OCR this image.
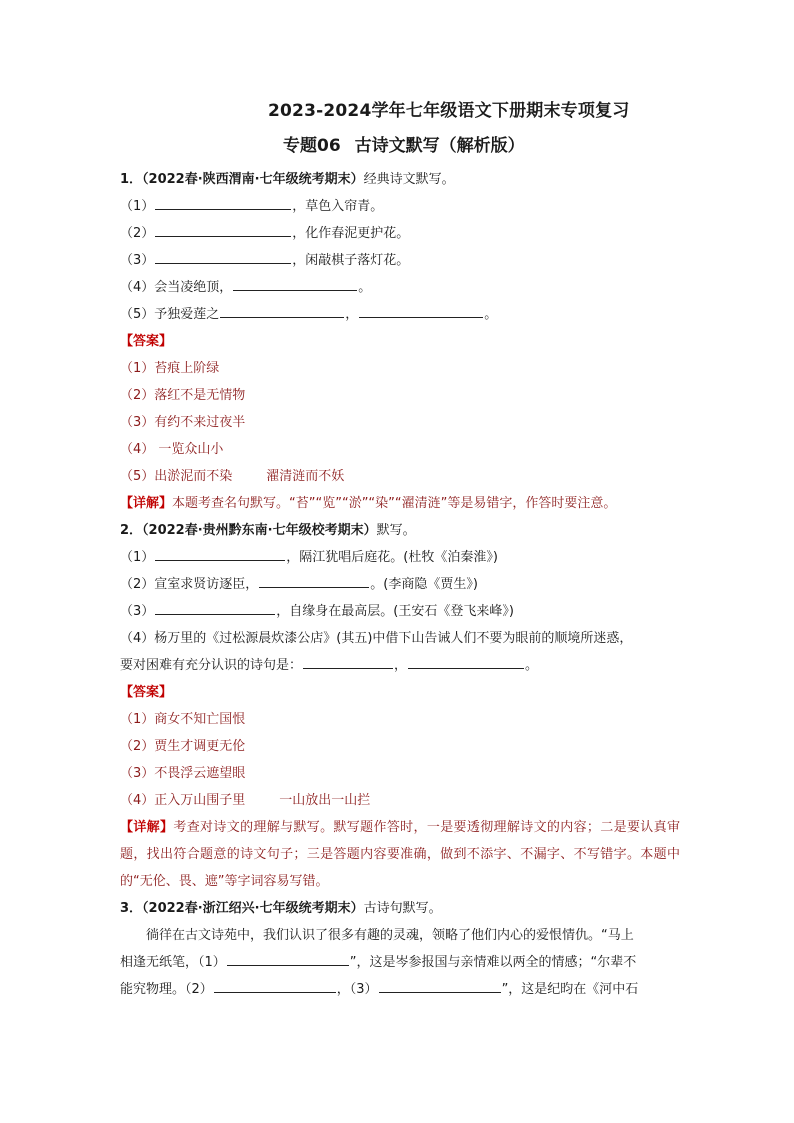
2023-2024学年七年级语文下册期末专项复习
专题06 古诗文默写（解析版）
1．（2022春·陕西渭南·七年级统考期末）经典诗文默写。
（1）	，草色入帘青。
（2）	，化作春泥更护花。
（3）	，闲敲棋子落灯花。
（4）会当凌绝顶，	。
（5）予独爱莲之	，	。
【答案】
（1）苔痕上阶绿
（2）落红不是无情物
（3）有约不来过夜半
（4） 一览众山小
（5）出淤泥而不染	濯清涟而不妖
【详解】本题考查名句默写。“苔”“览”“淤”“染”“濯清涟”等是易错字，作答时要注意。
2．（2022春·贵州黔东南·七年级校考期末）默写。
（1）	，隔江犹唱后庭花。(杜牧《泊秦淮》)
（2）宣室求贤访逐臣，	。(李商隐《贾生》)
（3）	，自缘身在最高层。(王安石《登飞来峰》)
（4）杨万里的《过松源晨炊漆公店》(其五)中借下山告诫人们不要为眼前的顺境所迷惑，
要对困难有充分认识的诗句是：	，	。
【答案】
（1）商女不知亡国恨
（2）贾生才调更无伦
（3）不畏浮云遮望眼
（4）正入万山围子里	一山放出一山拦
【详解】考查对诗文的理解与默写。默写题作答时，一是要透彻理解诗文的内容；二是要认真审题，找出符合题意的诗文句子；三是答题内容要准确，做到不添字、不漏字、不写错字。本题中的“无伦、畏、遮”等字词容易写错。
3．（2022春·浙江绍兴·七年级统考期末）古诗句默写。
徜徉在古文诗苑中，我们认识了很多有趣的灵魂，领略了他们内心的爱恨情仇。“马上
相逢无纸笔，（1）	”，这是岑参报国与亲情难以两全的情感；“尔辈不
能究物理。（2）	，（3）	”，这是纪昀在《河中石
